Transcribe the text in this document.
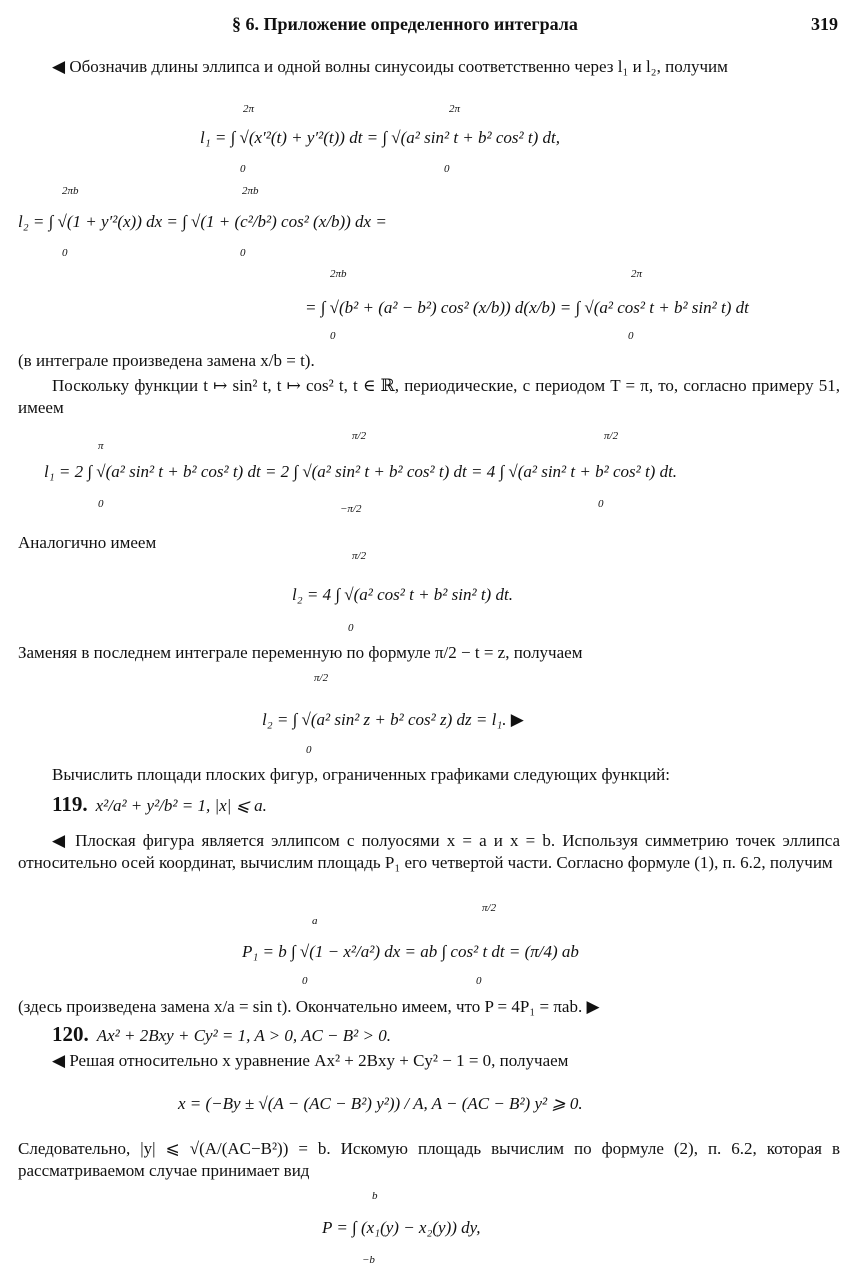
§ 6. Приложение определенного интеграла	319
◀ Обозначив длины эллипса и одной волны синусоиды соответственно через l₁ и l₂, получим
2π	2π
l₁ = ∫ √(x′²(t) + y′²(t)) dt = ∫ √(a² sin² t + b² cos² t) dt,
0	0
2πb	2πb
l₂ = ∫ √(1 + y′²(x)) dx = ∫ √(1 + (c²/b²) cos² (x/b)) dx =
0	0
2πb	2π
= ∫ √(b² + (a² − b²) cos² (x/b)) d(x/b) = ∫ √(a² cos² t + b² sin² t) dt
0	0
(в интеграле произведена замена x/b = t).
Поскольку функции t ↦ sin² t, t ↦ cos² t, t ∈ ℝ, периодические, с периодом T = π, то, согласно примеру 51, имеем
π
π/2	π/2
l₁ = 2 ∫ √(a² sin² t + b² cos² t) dt = 2 ∫ √(a² sin² t + b² cos² t) dt = 4 ∫ √(a² sin² t + b² cos² t) dt.
0	−π/2	0
Аналогично имеем
π/2
l₂ = 4 ∫ √(a² cos² t + b² sin² t) dt.
0
Заменяя в последнем интеграле переменную по формуле π/2 − t = z, получаем
π/2
l₂ = ∫ √(a² sin² z + b² cos² z) dz = l₁. ▶
0
Вычислить площади плоских фигур, ограниченных графиками следующих функций:
119. x²/a² + y²/b² = 1, |x| ⩽ a.
◀ Плоская фигура является эллипсом с полуосями x = a и x = b. Используя симметрию точек эллипса относительно осей координат, вычислим площадь P₁ его четвертой части. Согласно формуле (1), п. 6.2, получим
a
π/2
P₁ = b ∫ √(1 − x²/a²) dx = ab ∫ cos² t dt = (π/4) ab
0	0
(здесь произведена замена x/a = sin t). Окончательно имеем, что P = 4P₁ = πab. ▶
120. Ax² + 2Bxy + Cy² = 1, A > 0, AC − B² > 0.
◀ Решая относительно x уравнение Ax² + 2Bxy + Cy² − 1 = 0, получаем
x = (−By ± √(A − (AC − B²) y²)) / A, A − (AC − B²) y² ⩾ 0.
Следовательно, |y| ⩽ √(A/(AC−B²)) = b. Искомую площадь вычислим по формуле (2), п. 6.2, которая в рассматриваемом случае принимает вид
b
P = ∫ (x₁(y) − x₂(y)) dy,
−b
